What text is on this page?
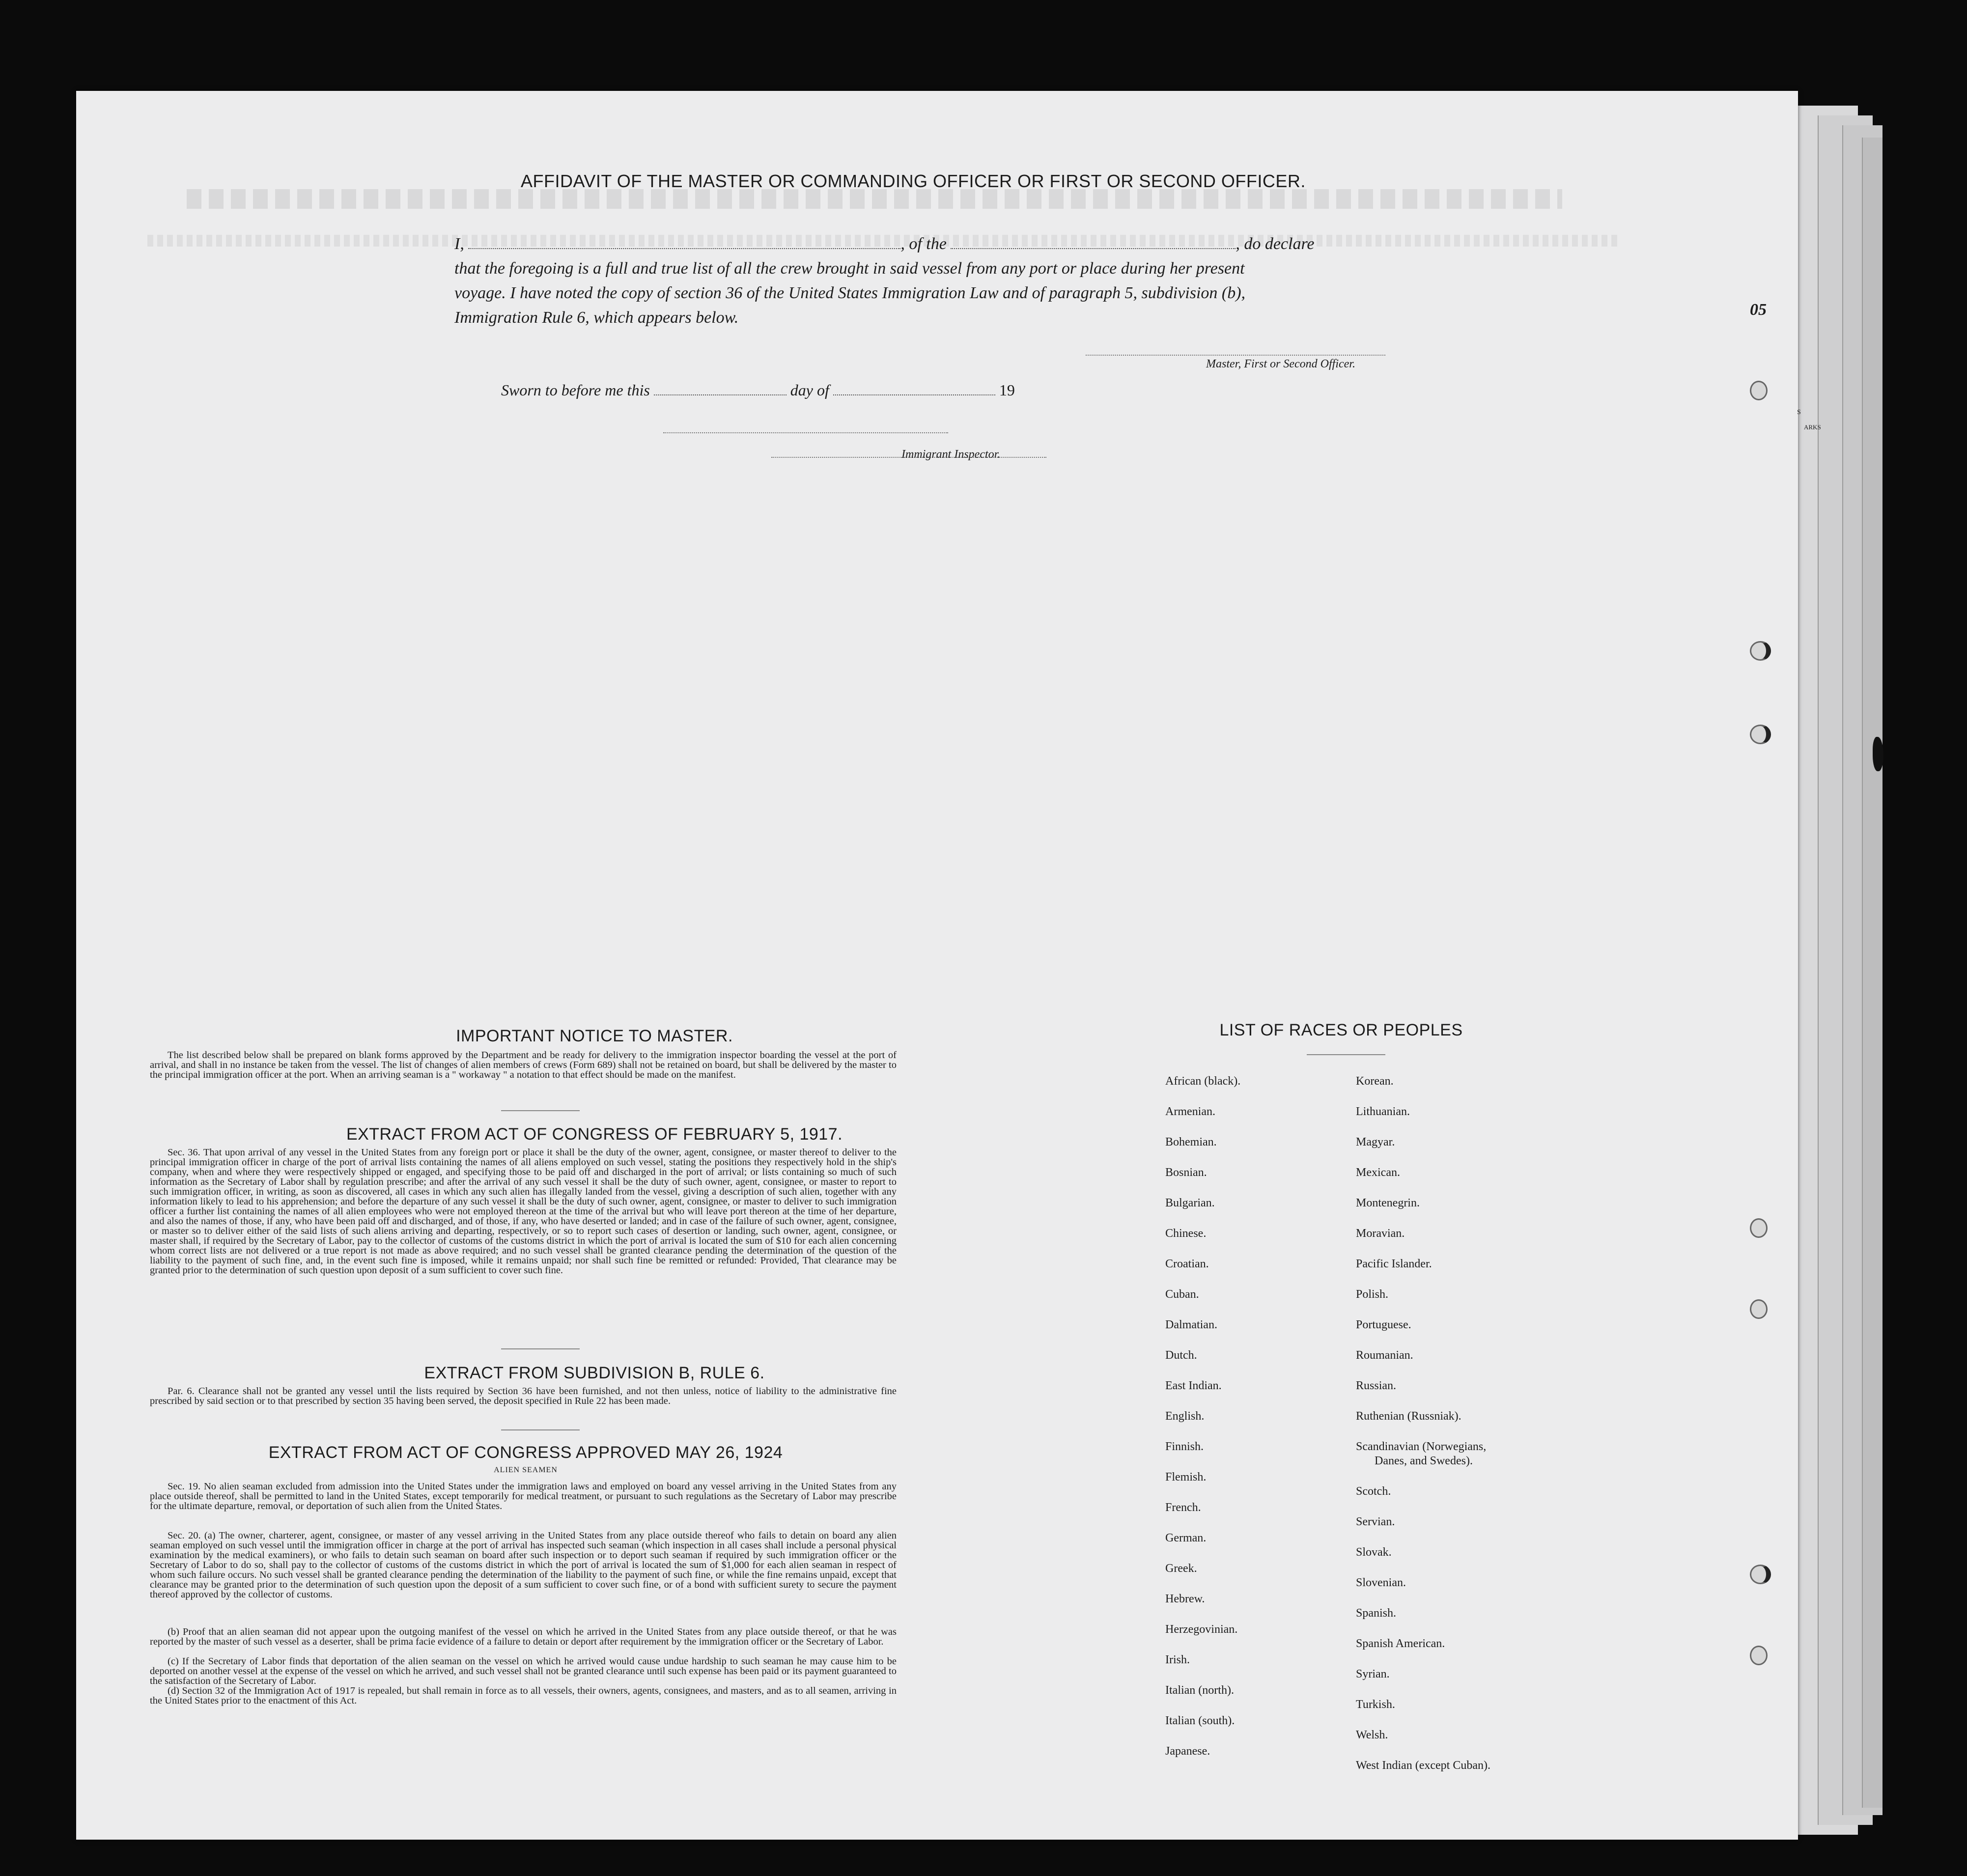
AFFIDAVIT OF THE MASTER OR COMMANDING OFFICER OR FIRST OR SECOND OFFICER.
I,	, of the	, do declare
that the foregoing is a full and true list of all the crew brought in said vessel from any port or place during her present
voyage. I have noted the copy of section 36 of the United States Immigration Law and of paragraph 5, subdivision (b),
Immigration Rule 6, which appears below.
Master, First or Second Officer.
Sworn to before me this	day of	19
Immigrant Inspector.
IMPORTANT NOTICE TO MASTER.
The list described below shall be prepared on blank forms approved by the Department and be ready for delivery to the immigration inspector boarding the vessel at the port of arrival, and shall in no instance be taken from the vessel. The list of changes of alien members of crews (Form 689) shall not be retained on board, but shall be delivered by the master to the principal immigration officer at the port. When an arriving seaman is a " workaway " a notation to that effect should be made on the manifest.
EXTRACT FROM ACT OF CONGRESS OF FEBRUARY 5, 1917.
Sec. 36. That upon arrival of any vessel in the United States from any foreign port or place it shall be the duty of the owner, agent, consignee, or master thereof to deliver to the principal immigration officer in charge of the port of arrival lists containing the names of all aliens employed on such vessel, stating the positions they respectively hold in the ship's company, when and where they were respectively shipped or engaged, and specifying those to be paid off and discharged in the port of arrival; or lists containing so much of such information as the Secretary of Labor shall by regulation prescribe; and after the arrival of any such vessel it shall be the duty of such owner, agent, consignee, or master to report to such immigration officer, in writing, as soon as discovered, all cases in which any such alien has illegally landed from the vessel, giving a description of such alien, together with any information likely to lead to his apprehension; and before the departure of any such vessel it shall be the duty of such owner, agent, consignee, or master to deliver to such immigration officer a further list containing the names of all alien employees who were not employed thereon at the time of the arrival but who will leave port thereon at the time of her departure, and also the names of those, if any, who have been paid off and discharged, and of those, if any, who have deserted or landed; and in case of the failure of such owner, agent, consignee, or master so to deliver either of the said lists of such aliens arriving and departing, respectively, or so to report such cases of desertion or landing, such owner, agent, consignee, or master shall, if required by the Secretary of Labor, pay to the collector of customs of the customs district in which the port of arrival is located the sum of $10 for each alien concerning whom correct lists are not delivered or a true report is not made as above required; and no such vessel shall be granted clearance pending the determination of the question of the liability to the payment of such fine, and, in the event such fine is imposed, while it remains unpaid; nor shall such fine be remitted or refunded: Provided, That clearance may be granted prior to the determination of such question upon deposit of a sum sufficient to cover such fine.
EXTRACT FROM SUBDIVISION B, RULE 6.
Par. 6. Clearance shall not be granted any vessel until the lists required by Section 36 have been furnished, and not then unless, notice of liability to the administrative fine prescribed by said section or to that prescribed by section 35 having been served, the deposit specified in Rule 22 has been made.
EXTRACT FROM ACT OF CONGRESS APPROVED MAY 26, 1924
ALIEN SEAMEN
Sec. 19. No alien seaman excluded from admission into the United States under the immigration laws and employed on board any vessel arriving in the United States from any place outside thereof, shall be permitted to land in the United States, except temporarily for medical treatment, or pursuant to such regulations as the Secretary of Labor may prescribe for the ultimate departure, removal, or deportation of such alien from the United States.
Sec. 20. (a) The owner, charterer, agent, consignee, or master of any vessel arriving in the United States from any place outside thereof who fails to detain on board any alien seaman employed on such vessel until the immigration officer in charge at the port of arrival has inspected such seaman (which inspection in all cases shall include a personal physical examination by the medical examiners), or who fails to detain such seaman on board after such inspection or to deport such seaman if required by such immigration officer or the Secretary of Labor to do so, shall pay to the collector of customs of the customs district in which the port of arrival is located the sum of $1,000 for each alien seaman in respect of whom such failure occurs. No such vessel shall be granted clearance pending the determination of the liability to the payment of such fine, or while the fine remains unpaid, except that clearance may be granted prior to the determination of such question upon the deposit of a sum sufficient to cover such fine, or of a bond with sufficient surety to secure the payment thereof approved by the collector of customs.
(b) Proof that an alien seaman did not appear upon the outgoing manifest of the vessel on which he arrived in the United States from any place outside thereof, or that he was reported by the master of such vessel as a deserter, shall be prima facie evidence of a failure to detain or deport after requirement by the immigration officer or the Secretary of Labor.
(c) If the Secretary of Labor finds that deportation of the alien seaman on the vessel on which he arrived would cause undue hardship to such seaman he may cause him to be deported on another vessel at the expense of the vessel on which he arrived, and such vessel shall not be granted clearance until such expense has been paid or its payment guaranteed to the satisfaction of the Secretary of Labor.
(d) Section 32 of the Immigration Act of 1917 is repealed, but shall remain in force as to all vessels, their owners, agents, consignees, and masters, and as to all seamen, arriving in the United States prior to the enactment of this Act.
LIST OF RACES OR PEOPLES
African (black).
Armenian.
Bohemian.
Bosnian.
Bulgarian.
Chinese.
Croatian.
Cuban.
Dalmatian.
Dutch.
East Indian.
English.
Finnish.
Flemish.
French.
German.
Greek.
Hebrew.
Herzegovinian.
Irish.
Italian (north).
Italian (south).
Japanese.
Korean.
Lithuanian.
Magyar.
Mexican.
Montenegrin.
Moravian.
Pacific Islander.
Polish.
Portuguese.
Roumanian.
Russian.
Ruthenian (Russniak).
Scandinavian (Norwegians,
Danes, and Swedes).
Scotch.
Servian.
Slovak.
Slovenian.
Spanish.
Spanish American.
Syrian.
Turkish.
Welsh.
West Indian (except Cuban).
05
S
ARKS
